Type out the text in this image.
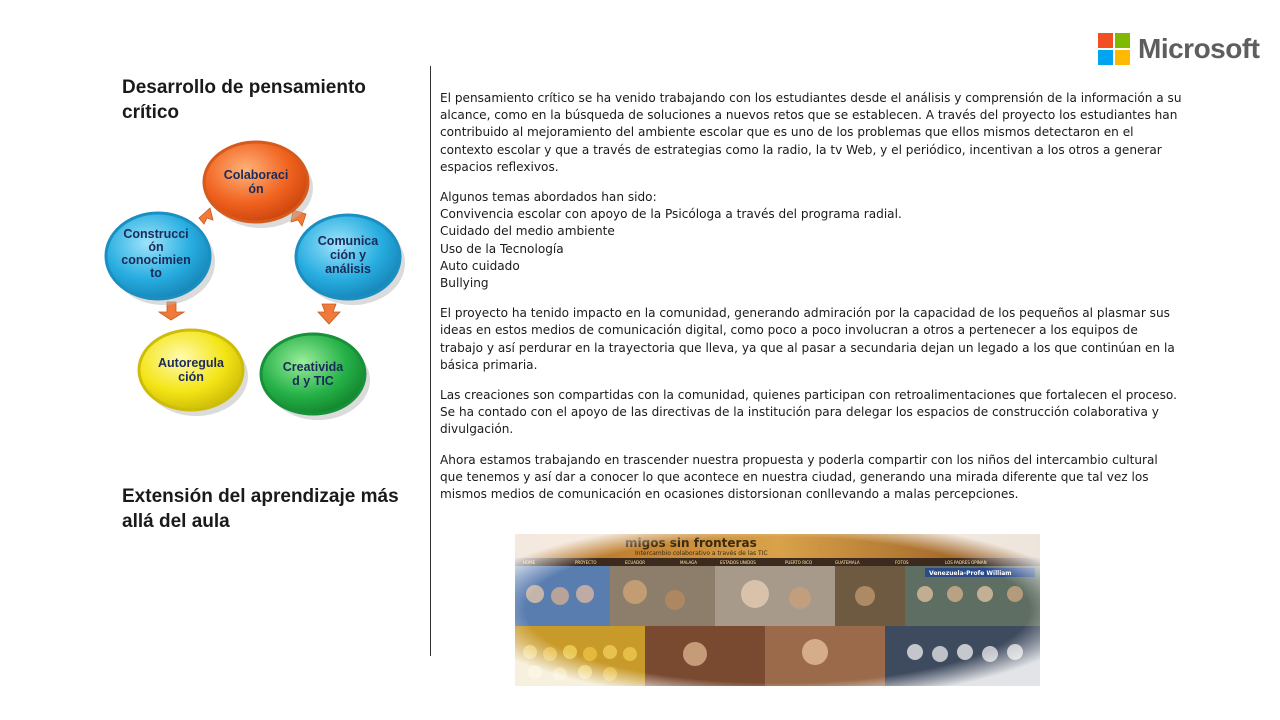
Microsoft
Desarrollo de pensamiento crítico
Extensión del aprendizaje más allá del aula
Colaboraci
ón
Comunica
ción y
análisis
Creativida
d y TIC
Autoregula
ción
Construcci
ón
conocimien
to
El pensamiento crítico se ha venido trabajando con los estudiantes desde el análisis y comprensión de la información a su
alcance, como en la búsqueda de soluciones a nuevos retos que se establecen. A través del proyecto los estudiantes han
contribuido al mejoramiento del ambiente escolar que es uno de los problemas que ellos mismos detectaron en el
contexto escolar y que a través de estrategias como la radio, la tv Web, y el periódico, incentivan a los otros a generar
espacios reflexivos.
Algunos temas abordados han sido:
Convivencia escolar con apoyo de la Psicóloga a través del programa radial.
Cuidado del medio ambiente
Uso de la Tecnología
Auto cuidado
Bullying
El proyecto ha tenido impacto en la comunidad, generando admiración por la capacidad de los pequeños al plasmar sus
ideas en estos medios de comunicación digital, como poco a poco involucran a otros a pertenecer a los equipos de
trabajo y así perdurar en la trayectoria que lleva, ya que al pasar a secundaria dejan un legado a los que continúan en la
básica primaria.
Las creaciones son compartidas con la comunidad, quienes participan con retroalimentaciones que fortalecen el proceso.
Se ha contado con el apoyo de las directivas de la institución para delegar los espacios de construcción colaborativa y
divulgación.
Ahora estamos trabajando en trascender nuestra propuesta y poderla compartir con los niños del intercambio cultural
que tenemos y así dar a conocer lo que acontece en nuestra ciudad, generando una mirada diferente que tal vez los
mismos medios de comunicación en ocasiones distorsionan conllevando a malas percepciones.
